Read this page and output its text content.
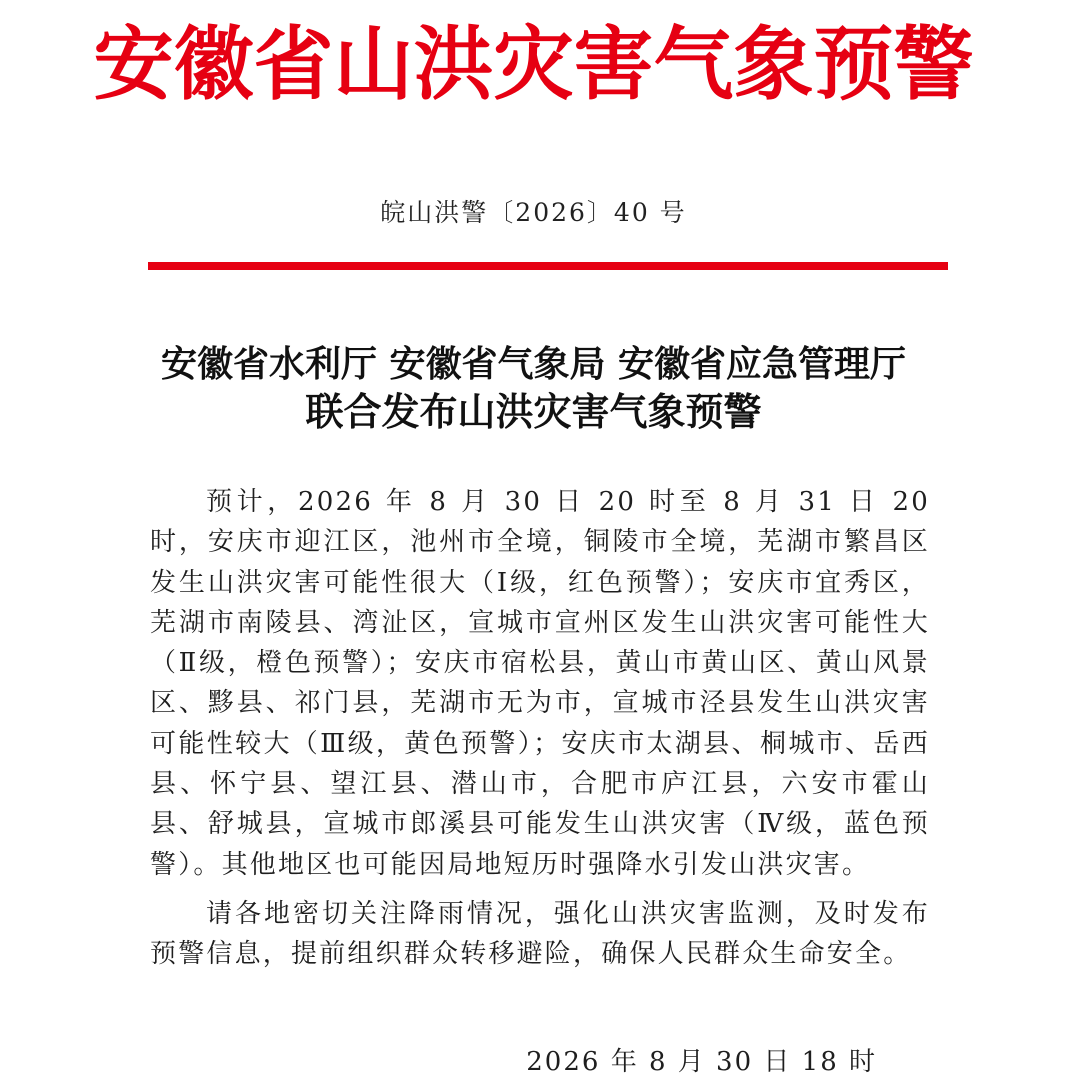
安徽省山洪灾害气象预警
皖山洪警〔2026〕40 号
安徽省水利厅 安徽省气象局 安徽省应急管理厅
联合发布山洪灾害气象预警

预计，2026 年 8 月 30 日 20 时至 8 月 31 日 20 时，安庆市迎江区，池州市全境，铜陵市全境，芜湖市繁昌区发生山洪灾害可能性很大（Ⅰ级，红色预警）；安庆市宜秀区，芜湖市南陵县、湾沚区，宣城市宣州区发生山洪灾害可能性大（Ⅱ级，橙色预警）；安庆市宿松县，黄山市黄山区、黄山风景区、黟县、祁门县，芜湖市无为市，宣城市泾县发生山洪灾害可能性较大（Ⅲ级，黄色预警）；安庆市太湖县、桐城市、岳西县、怀宁县、望江县、潜山市，合肥市庐江县，六安市霍山县、舒城县，宣城市郎溪县可能发生山洪灾害（Ⅳ级，蓝色预警）。其他地区也可能因局地短历时强降水引发山洪灾害。

请各地密切关注降雨情况，强化山洪灾害监测，及时发布预警信息，提前组织群众转移避险，确保人民群众生命安全。

2026 年 8 月 30 日 18 时
